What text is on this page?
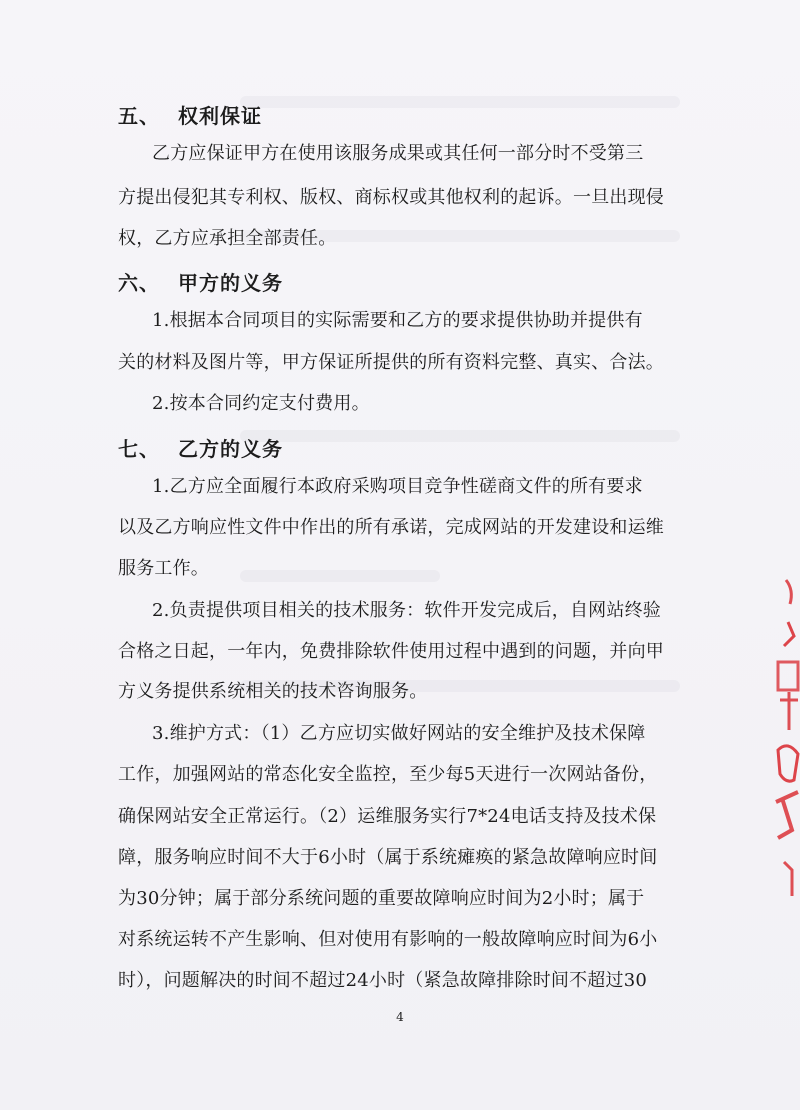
五、 权利保证
乙方应保证甲方在使用该服务成果或其任何一部分时不受第三
方提出侵犯其专利权、版权、商标权或其他权利的起诉。一旦出现侵
权，乙方应承担全部责任。
六、 甲方的义务
1.根据本合同项目的实际需要和乙方的要求提供协助并提供有
关的材料及图片等，甲方保证所提供的所有资料完整、真实、合法。
2.按本合同约定支付费用。
七、 乙方的义务
1.乙方应全面履行本政府采购项目竞争性磋商文件的所有要求
以及乙方响应性文件中作出的所有承诺，完成网站的开发建设和运维
服务工作。
2.负责提供项目相关的技术服务：软件开发完成后，自网站终验
合格之日起，一年内，免费排除软件使用过程中遇到的问题，并向甲
方义务提供系统相关的技术咨询服务。
3.维护方式：（1）乙方应切实做好网站的安全维护及技术保障
工作，加强网站的常态化安全监控，至少每5天进行一次网站备份，
确保网站安全正常运行。（2）运维服务实行7*24电话支持及技术保
障，服务响应时间不大于6小时（属于系统瘫痪的紧急故障响应时间
为30分钟；属于部分系统问题的重要故障响应时间为2小时；属于
对系统运转不产生影响、但对使用有影响的一般故障响应时间为6小
时），问题解决的时间不超过24小时（紧急故障排除时间不超过30
4
